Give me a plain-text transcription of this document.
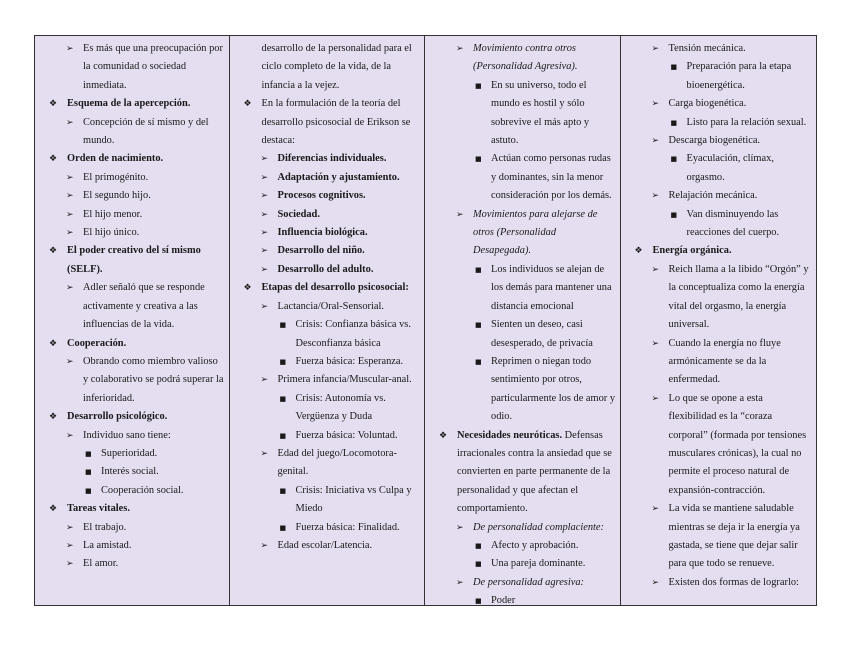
➢ Es más que una preocupación por la comunidad o sociedad inmediata.
❖ Esquema de la apercepción.
➢ Concepción de sí mismo y del mundo.
❖ Orden de nacimiento.
➢ El primogénito.
➢ El segundo hijo.
➢ El hijo menor.
➢ El hijo único.
❖ El poder creativo del sí mismo (SELF).
➢ Adler señaló que se responde activamente y creativa a las influencias de la vida.
❖ Cooperación.
➢ Obrando como miembro valioso y colaborativo se podrá superar la inferioridad.
❖ Desarrollo psicológico.
➢ Individuo sano tiene:
■ Superioridad.
■ Interés social.
■ Cooperación social.
❖ Tareas vitales.
➢ El trabajo.
➢ La amistad.
➢ El amor.
desarrollo de la personalidad para el ciclo completo de la vida, de la infancia a la vejez.
❖ En la formulación de la teoría del desarrollo psicosocial de Erikson se destaca:
➢ Diferencias individuales.
➢ Adaptación y ajustamiento.
➢ Procesos cognitivos.
➢ Sociedad.
➢ Influencia biológica.
➢ Desarrollo del niño.
➢ Desarrollo del adulto.
❖ Etapas del desarrollo psicosocial:
➢ Lactancia/Oral-Sensorial.
■ Crisis: Confianza básica vs. Desconfianza básica
■ Fuerza básica: Esperanza.
➢ Primera infancia/Muscular-anal.
■ Crisis: Autonomía vs. Vergüenza y Duda
■ Fuerza básica: Voluntad.
➢ Edad del juego/Locomotora-genital.
■ Crisis: Iniciativa vs Culpa y Miedo
■ Fuerza básica: Finalidad.
➢ Edad escolar/Latencia.
➢ Movimiento contra otros (Personalidad Agresiva).
■ En su universo, todo el mundo es hostil y sólo sobrevive el más apto y astuto.
■ Actúan como personas rudas y dominantes, sin la menor consideración por los demás.
➢ Movimientos para alejarse de otros (Personalidad Desapegada).
■ Los individuos se alejan de los demás para mantener una distancia emocional
■ Sienten un deseo, casi desesperado, de privacía
■ Reprimen o niegan todo sentimiento por otros, particularmente los de amor y odio.
❖ Necesidades neuróticas. Defensas irracionales contra la ansiedad que se convierten en parte permanente de la personalidad y que afectan el comportamiento.
➢ De personalidad complaciente:
■ Afecto y aprobación.
■ Una pareja dominante.
➢ De personalidad agresiva:
■ Poder
➢ Tensión mecánica.
■ Preparación para la etapa bioenergética.
➢ Carga biogenética.
■ Listo para la relación sexual.
➢ Descarga biogenética.
■ Eyaculación, clímax, orgasmo.
➢ Relajación mecánica.
■ Van disminuyendo las reacciones del cuerpo.
❖ Energía orgánica.
➢ Reich llama a la libido “Orgón” y la conceptualiza como la energía vital del orgasmo, la energía universal.
➢ Cuando la energía no fluye armónicamente se da la enfermedad.
➢ Lo que se opone a esta flexibilidad es la “coraza corporal” (formada por tensiones musculares crónicas), la cual no permite el proceso natural de expansión-contracción.
➢ La vida se mantiene saludable mientras se deja ir la energía ya gastada, se tiene que dejar salir para que todo se renueve.
➢ Existen dos formas de lograrlo:
